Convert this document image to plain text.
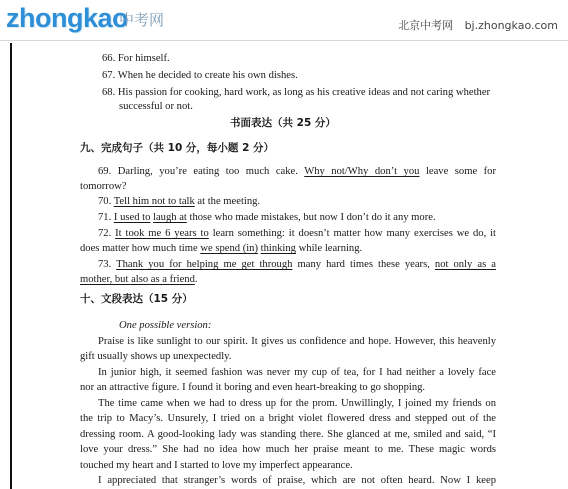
zhongkao
中考网	北京中考网 bj.zhongkao.com
66. For himself.
67. When he decided to create his own dishes.
68. His passion for cooking, hard work, as long as his creative ideas and not caring whether
successful or not.
书面表达（共 25 分）
九、完成句子（共 10 分，每小题 2 分）
69. Darling, you’re eating too much cake. Why not/Why don’t you leave some for
tomorrow?
70. Tell him not to talk at the meeting.
71. I used to laugh at those who made mistakes, but now I don’t do it any more.
72. It took me 6 years to learn something: it doesn’t matter how many exercises we do, it
does matter how much time we spend (in) thinking while learning.
73. Thank you for helping me get through many hard times these years, not only as a
mother, but also as a friend.
十、文段表达（15 分）
One possible version:
Praise is like sunlight to our spirit. It gives us confidence and hope. However, this heavenly
gift usually shows up unexpectedly.
In junior high, it seemed fashion was never my cup of tea, for I had neither a lovely face
nor an attractive figure. I found it boring and even heart-breaking to go shopping.
The time came when we had to dress up for the prom. Unwillingly, I joined my friends on
the trip to Macy’s. Unsurely, I tried on a bright violet flowered dress and stepped out of the
dressing room. A good-looking lady was standing there. She glanced at me, smiled and said, “I
love your dress.” She had no idea how much her praise meant to me. These magic words
touched my heart and I started to love my imperfect appearance.
I appreciated that stranger’s words of praise, which are not often heard. Now I keep
